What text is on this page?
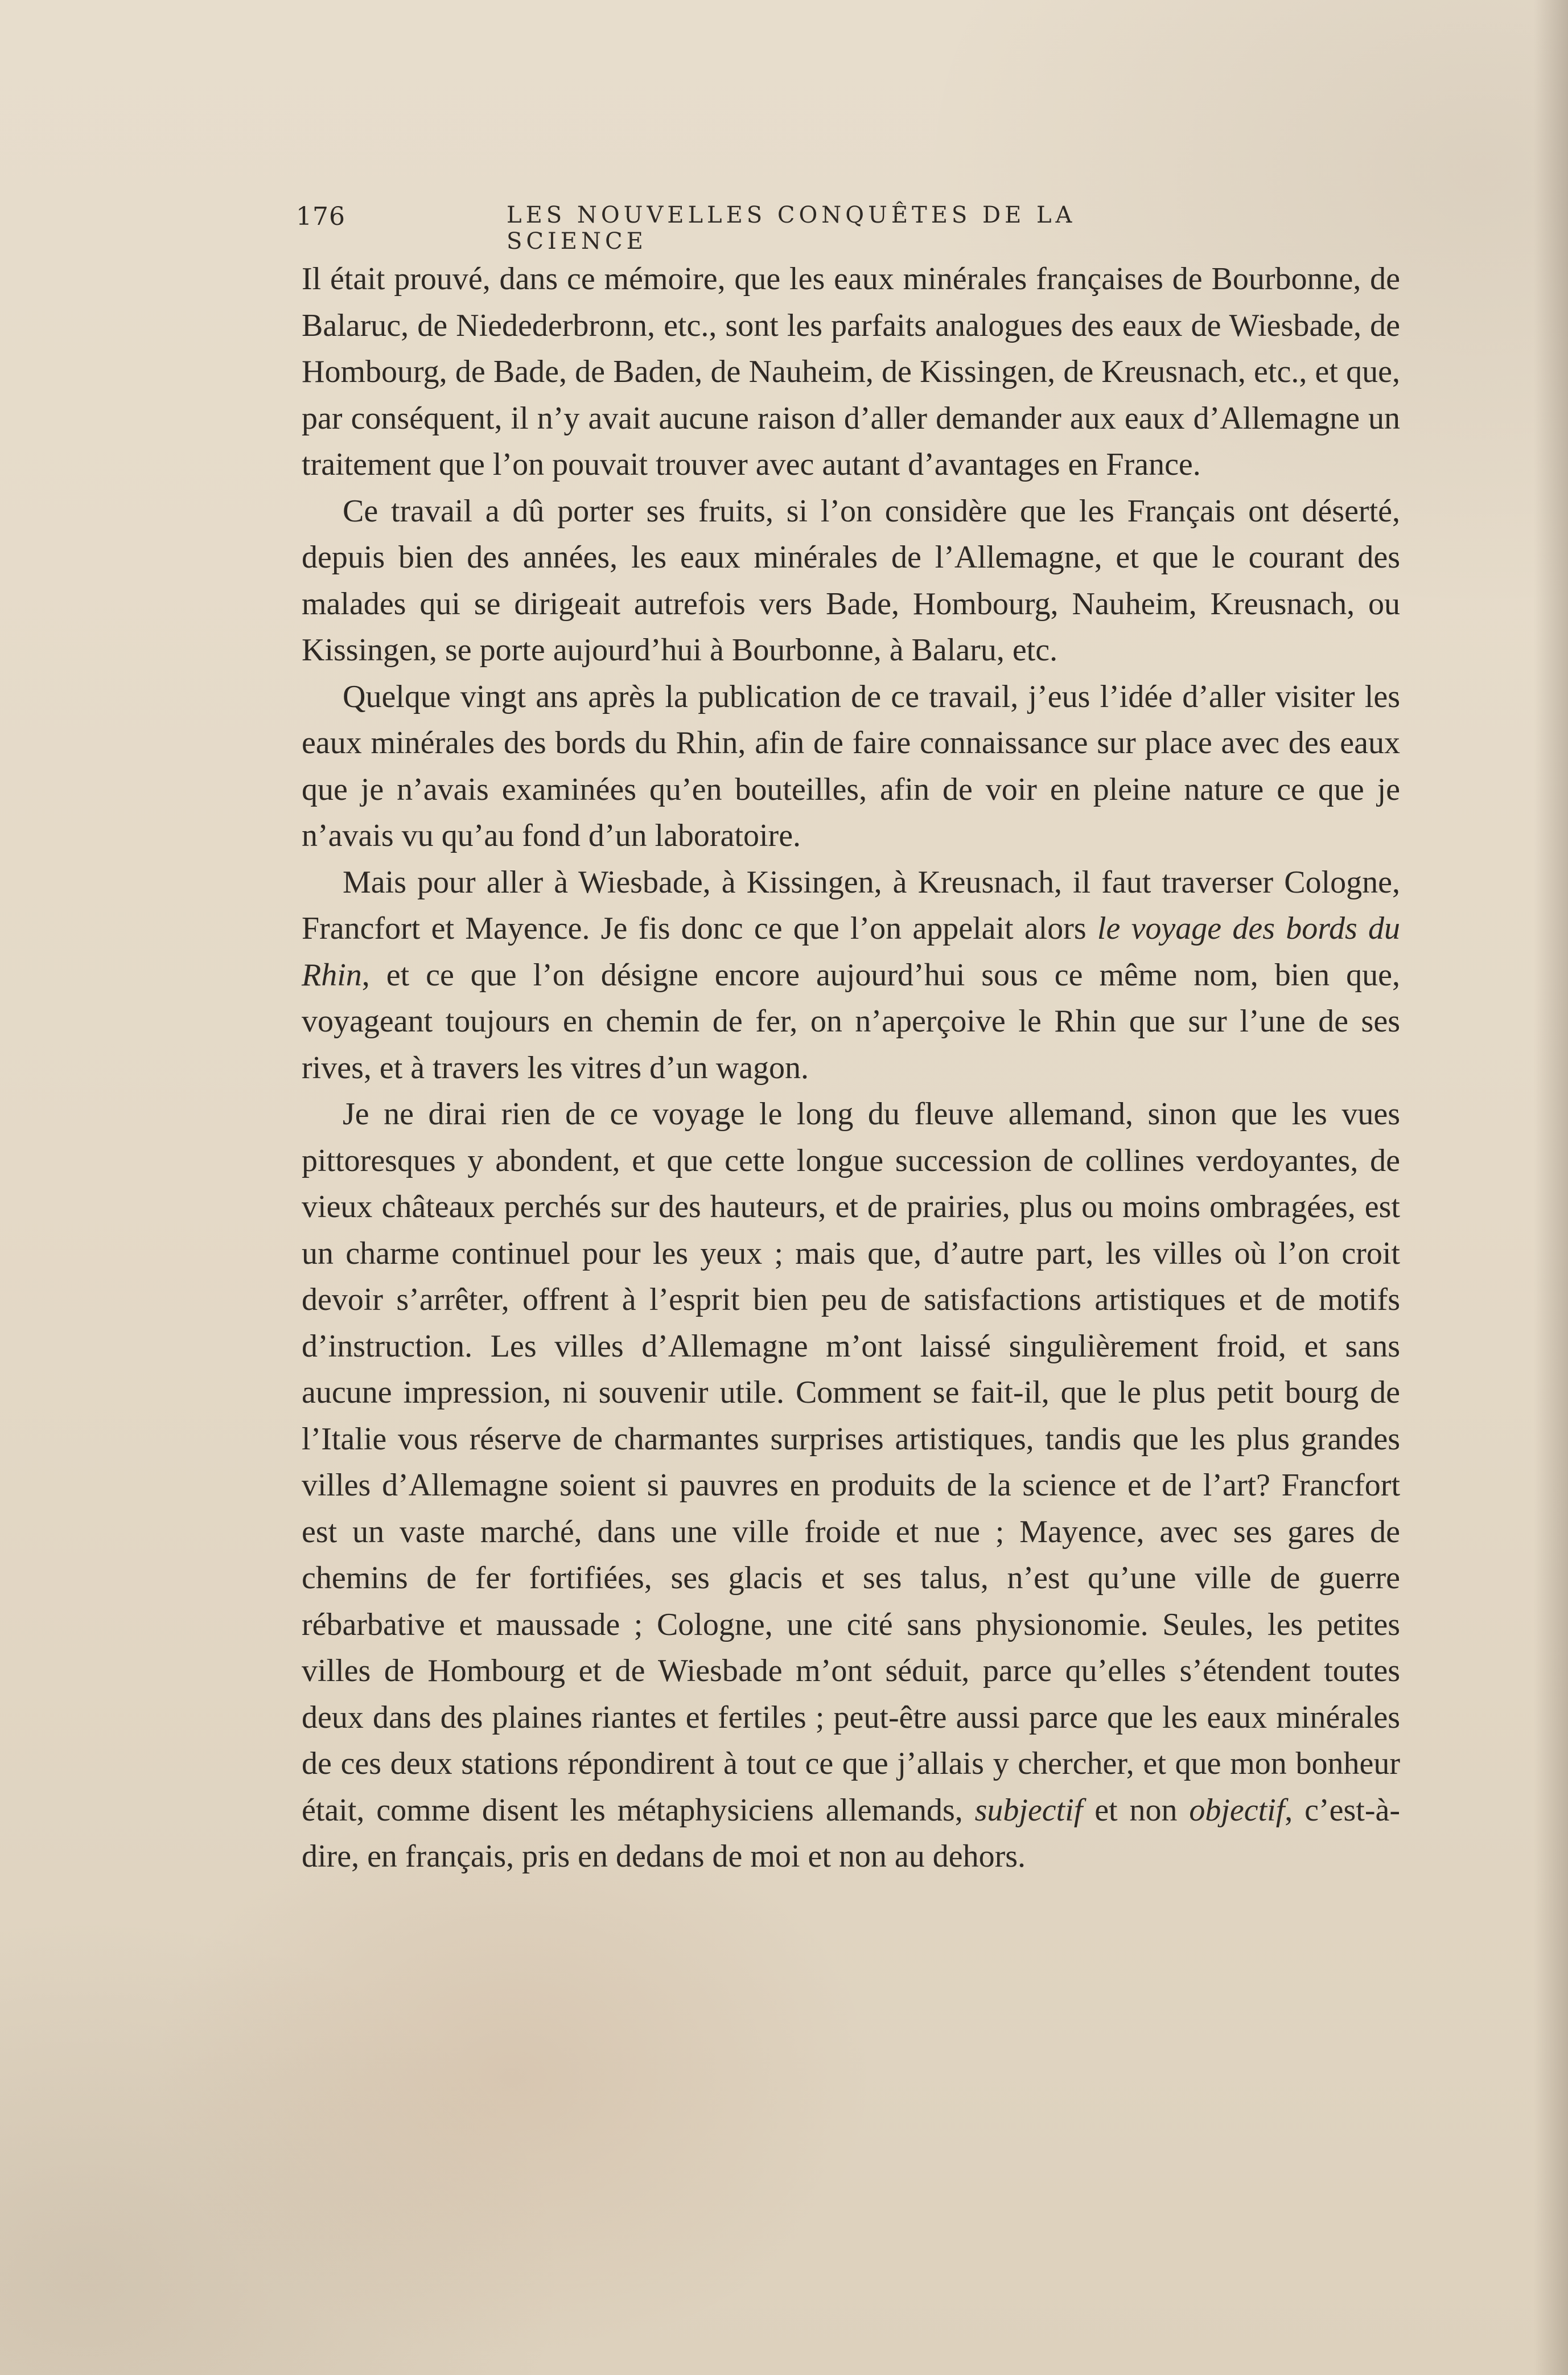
176	LES NOUVELLES CONQUÊTES DE LA SCIENCE

Il était prouvé, dans ce mémoire, que les eaux minérales françaises de Bourbonne, de Balaruc, de Niedederbronn, etc., sont les parfaits analogues des eaux de Wiesbade, de Hombourg, de Bade, de Baden, de Nauheim, de Kissingen, de Kreusnach, etc., et que, par conséquent, il n’y avait aucune raison d’aller demander aux eaux d’Allemagne un traitement que l’on pouvait trouver avec autant d’avantages en France.

Ce travail a dû porter ses fruits, si l’on considère que les Français ont déserté, depuis bien des années, les eaux minérales de l’Allemagne, et que le courant des malades qui se dirigeait autrefois vers Bade, Hombourg, Nauheim, Kreusnach, ou Kissingen, se porte aujourd’hui à Bourbonne, à Balaru, etc.

Quelque vingt ans après la publication de ce travail, j’eus l’idée d’aller visiter les eaux minérales des bords du Rhin, afin de faire connaissance sur place avec des eaux que je n’avais examinées qu’en bouteilles, afin de voir en pleine nature ce que je n’avais vu qu’au fond d’un laboratoire.

Mais pour aller à Wiesbade, à Kissingen, à Kreusnach, il faut traverser Cologne, Francfort et Mayence. Je fis donc ce que l’on appelait alors le voyage des bords du Rhin, et ce que l’on désigne encore aujourd’hui sous ce même nom, bien que, voyageant toujours en chemin de fer, on n’aperçoive le Rhin que sur l’une de ses rives, et à travers les vitres d’un wagon.

Je ne dirai rien de ce voyage le long du fleuve allemand, sinon que les vues pittoresques y abondent, et que cette longue succession de collines verdoyantes, de vieux châteaux perchés sur des hauteurs, et de prairies, plus ou moins ombragées, est un charme continuel pour les yeux ; mais que, d’autre part, les villes où l’on croit devoir s’arrêter, offrent à l’esprit bien peu de satisfactions artistiques et de motifs d’instruction. Les villes d’Allemagne m’ont laissé singulièrement froid, et sans aucune impression, ni souvenir utile. Comment se fait-il, que le plus petit bourg de l’Italie vous réserve de charmantes surprises artistiques, tandis que les plus grandes villes d’Allemagne soient si pauvres en produits de la science et de l’art? Francfort est un vaste marché, dans une ville froide et nue ; Mayence, avec ses gares de chemins de fer fortifiées, ses glacis et ses talus, n’est qu’une ville de guerre rébarbative et maussade ; Cologne, une cité sans physionomie. Seules, les petites villes de Hombourg et de Wiesbade m’ont séduit, parce qu’elles s’étendent toutes deux dans des plaines riantes et fertiles ; peut-être aussi parce que les eaux minérales de ces deux stations répondirent à tout ce que j’allais y chercher, et que mon bonheur était, comme disent les métaphysiciens allemands, subjectif et non objectif, c’est-à-dire, en français, pris en dedans de moi et non au dehors.
